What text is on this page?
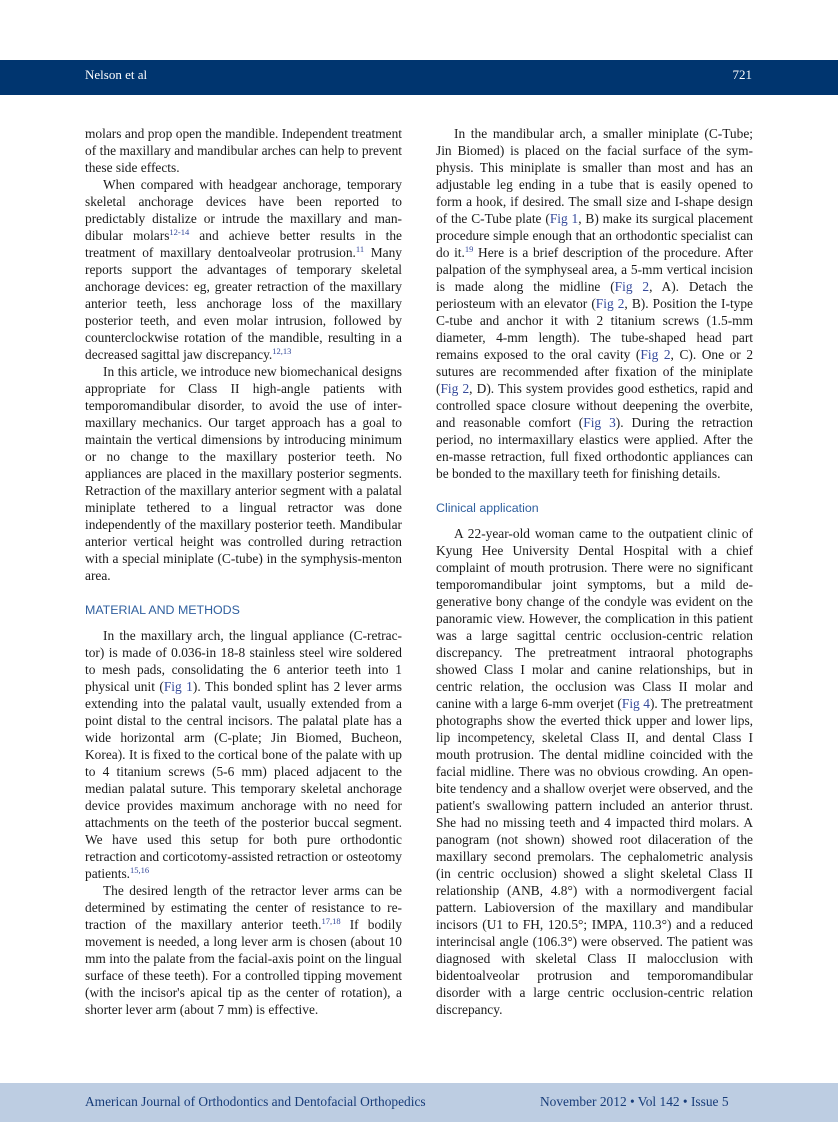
Nelson et al	721

molars and prop open the mandible. Independent treatment of the maxillary and mandibular arches can help to prevent these side effects.

When compared with headgear anchorage, temporary skeletal anchorage devices have been reported to predictably distalize or intrude the maxillary and mandibular molars$^{12-14}$ and achieve better results in the treatment of maxillary dentoalveolar protrusion.$^{11}$ Many reports support the advantages of temporary skeletal anchorage devices: eg, greater retraction of the maxillary anterior teeth, less anchorage loss of the maxillary posterior teeth, and even molar intrusion, followed by counterclockwise rotation of the mandible, resulting in a decreased sagittal jaw discrepancy.$^{12,13}$

In this article, we introduce new biomechanical designs appropriate for Class II high-angle patients with temporomandibular disorder, to avoid the use of intermaxillary mechanics. Our target approach has a goal to maintain the vertical dimensions by introducing minimum or no change to the maxillary posterior teeth. No appliances are placed in the maxillary posterior segments. Retraction of the maxillary anterior segment with a palatal miniplate tethered to a lingual retractor was done independently of the maxillary posterior teeth. Mandibular anterior vertical height was controlled during retraction with a special miniplate (C-tube) in the symphysis-menton area.

MATERIAL AND METHODS

In the maxillary arch, the lingual appliance (C-retractor) is made of 0.036-in 18-8 stainless steel wire soldered to mesh pads, consolidating the 6 anterior teeth into 1 physical unit (Fig 1). This bonded splint has 2 lever arms extending into the palatal vault, usually extended from a point distal to the central incisors. The palatal plate has a wide horizontal arm (C-plate; Jin Biomed, Bucheon, Korea). It is fixed to the cortical bone of the palate with up to 4 titanium screws (5-6 mm) placed adjacent to the median palatal suture. This temporary skeletal anchorage device provides maximum anchorage with no need for attachments on the teeth of the posterior buccal segment. We have used this setup for both pure orthodontic retraction and corticotomy-assisted retraction or osteotomy patients.$^{15,16}$

The desired length of the retractor lever arms can be determined by estimating the center of resistance to retraction of the maxillary anterior teeth.$^{17,18}$ If bodily movement is needed, a long lever arm is chosen (about 10 mm into the palate from the facial-axis point on the lingual surface of these teeth). For a controlled tipping movement (with the incisor's apical tip as the center of rotation), a shorter lever arm (about 7 mm) is effective.

In the mandibular arch, a smaller miniplate (C-Tube; Jin Biomed) is placed on the facial surface of the symphysis. This miniplate is smaller than most and has an adjustable leg ending in a tube that is easily opened to form a hook, if desired. The small size and I-shape design of the C-Tube plate (Fig 1, B) make its surgical placement procedure simple enough that an orthodontic specialist can do it.$^{19}$ Here is a brief description of the procedure. After palpation of the symphyseal area, a 5-mm vertical incision is made along the midline (Fig 2, A). Detach the periosteum with an elevator (Fig 2, B). Position the I-type C-tube and anchor it with 2 titanium screws (1.5-mm diameter, 4-mm length). The tube-shaped head part remains exposed to the oral cavity (Fig 2, C). One or 2 sutures are recommended after fixation of the miniplate (Fig 2, D). This system provides good esthetics, rapid and controlled space closure without deepening the overbite, and reasonable comfort (Fig 3). During the retraction period, no intermaxillary elastics were applied. After the en-masse retraction, full fixed orthodontic appliances can be bonded to the maxillary teeth for finishing details.

Clinical application

A 22-year-old woman came to the outpatient clinic of Kyung Hee University Dental Hospital with a chief complaint of mouth protrusion. There were no significant temporomandibular joint symptoms, but a mild degenerative bony change of the condyle was evident on the panoramic view. However, the complication in this patient was a large sagittal centric occlusion-centric relation discrepancy. The pretreatment intraoral photographs showed Class I molar and canine relationships, but in centric relation, the occlusion was Class II molar and canine with a large 6-mm overjet (Fig 4). The pretreatment photographs show the everted thick upper and lower lips, lip incompetency, skeletal Class II, and dental Class I mouth protrusion. The dental midline coincided with the facial midline. There was no obvious crowding. An open-bite tendency and a shallow overjet were observed, and the patient's swallowing pattern included an anterior thrust. She had no missing teeth and 4 impacted third molars. A panogram (not shown) showed root dilaceration of the maxillary second premolars. The cephalometric analysis (in centric occlusion) showed a slight skeletal Class II relationship (ANB, 4.8°) with a normodivergent facial pattern. Labioversion of the maxillary and mandibular incisors (U1 to FH, 120.5°; IMPA, 110.3°) and a reduced interincisal angle (106.3°) were observed. The patient was diagnosed with skeletal Class II malocclusion with bidentoalveolar protrusion and temporomandibular disorder with a large centric occlusion-centric relation discrepancy.

American Journal of Orthodontics and Dentofacial Orthopedics	November 2012 • Vol 142 • Issue 5
